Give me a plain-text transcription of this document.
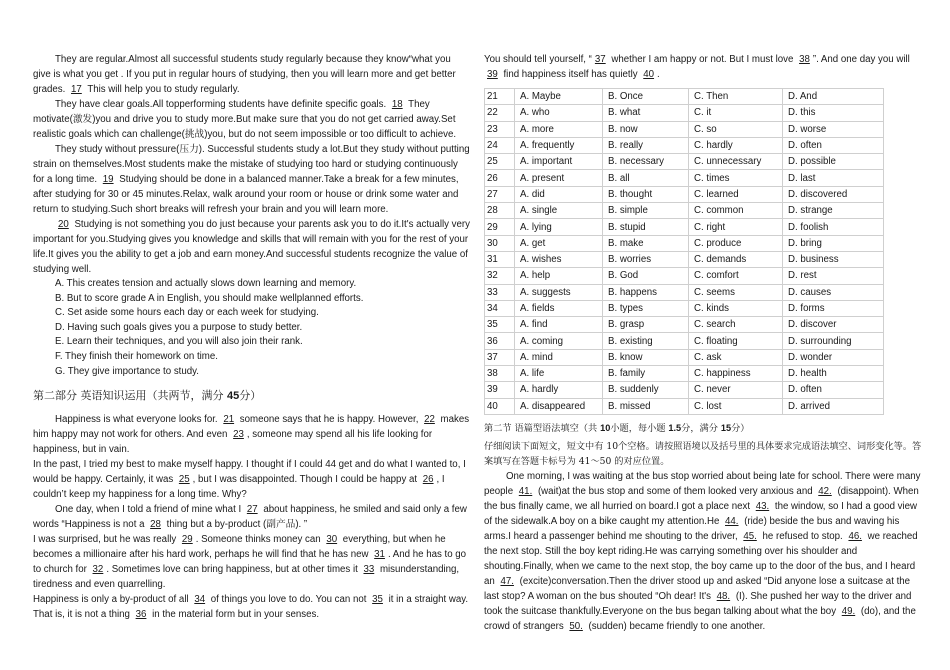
They are regular.Almost all successful students study regularly because they know“what you give is what you get . If you put in regular hours of studying, then you will learn more and get better grades. 17 This will help you to study regularly.

They have clear goals.All topperforming students have definite specific goals. 18 They motivate(激发)you and drive you to study more.But make sure that you do not get carried away.Set realistic goals which can challenge(挑战)you, but do not seem impossible or too difficult to achieve.

They study without pressure(压力). Successful students study a lot.But they study without putting strain on themselves.Most students make the mistake of studying too hard or studying continuously for a long time. 19 Studying should be done in a balanced manner.Take a break for a few minutes, after studying for 30 or 45 minutes.Relax, walk around your room or house or drink some water and return to studying.Such short breaks will refresh your brain and you will learn more.

20 Studying is not something you do just because your parents ask you to do it.It's actually very important for you.Studying gives you knowledge and skills that will remain with you for the rest of your life.It gives you the ability to get a job and earn money.And successful students recognize the value of studying well.

A. This creates tension and actually slows down learning and memory.

B. But to score grade A in English, you should make wellplanned efforts.

C. Set aside some hours each day or each week for studying.

D. Having such goals gives you a purpose to study better.

E. Learn their techniques, and you will also join their rank.

F. They finish their homework on time.

G. They give importance to study.

第二部分 英语知识运用（共两节，满分 45分）

Happiness is what everyone looks for. 21 someone says that he is happy. However, 22 makes him happy may not work for others. And even 23 , someone may spend all his life looking for happiness, but in vain.

In the past, I tried my best to make myself happy. I thought if I could 44 get and do what I wanted to, I would be happy. Certainly, it was 25 , but I was disappointed. Though I could be happy at 26 , I couldn’t keep my happiness for a long time. Why?

One day, when I told a friend of mine what I 27 about happiness, he smiled and said only a few words “Happiness is not a 28 thing but a by-product (副产品). ”

I was surprised, but he was really 29 . Someone thinks money can 30 everything, but when he becomes a millionaire after his hard work, perhaps he will find that he has new 31 . And he has to go to church for 32 . Sometimes love can bring happiness, but at other times it 33 misunderstanding, tiredness and even quarrelling.

Happiness is only a by-product of all 34 of things you love to do. You can not 35 it in a straight way. That is, it is not a thing 36 in the material form but in your senses.

You should tell yourself, “ 37 whether I am happy or not. But I must love 38 ”. And one day you will 39 find happiness itself has quietly 40 .

21	A. Maybe	B. Once	C. Then	D. And
22	A. who	B. what	C. it	D. this
23	A. more	B. now	C. so	D. worse
24	A. frequently	B. really	C. hardly	D. often
25	A. important	B. necessary	C. unnecessary	D. possible
26	A. present	B. all	C. times	D. last
27	A. did	B. thought	C. learned	D. discovered
28	A. single	B. simple	C. common	D. strange
29	A. lying	B. stupid	C. right	D. foolish
30	A. get	B. make	C. produce	D. bring
31	A. wishes	B. worries	C. demands	D. business
32	A. help	B. God	C. comfort	D. rest
33	A. suggests	B. happens	C. seems	D. causes
34	A. fields	B. types	C. kinds	D. forms
35	A. find	B. grasp	C. search	D. discover
36	A. coming	B. existing	C. floating	D. surrounding
37	A. mind	B. know	C. ask	D. wonder
38	A. life	B. family	C. happiness	D. health
39	A. hardly	B. suddenly	C. never	D. often
40	A. disappeared	B. missed	C. lost	D. arrived

第二节 语篇型语法填空（共 10小题，每小题 1.5分，满分 15分）

仔细阅读下面短文，短文中有 10个空格。请按照语境以及括号里的具体要求完成语法填空、词形变化等。答案填写在答题卡标号为 41～50 的对应位置。

One morning, I was waiting at the bus stop worried about being late for school. There were many people 41. (wait)at the bus stop and some of them looked very anxious and 42. (disappoint). When the bus finally came, we all hurried on board.I got a place next 43. the window, so I had a good view of the sidewalk.A boy on a bike caught my attention.He 44. (ride) beside the bus and waving his arms.I heard a passenger behind me shouting to the driver, 45. he refused to stop. 46. we reached the next stop. Still the boy kept riding.He was carrying something over his shoulder and shouting.Finally, when we came to the next stop, the boy came up to the door of the bus, and I heard an 47. (excite)conversation.Then the driver stood up and asked “Did anyone lose a suitcase at the last stop? A woman on the bus shouted “Oh dear! It's 48. (I). She pushed her way to the driver and took the suitcase thankfully.Everyone on the bus began talking about what the boy 49. (do), and the crowd of strangers 50. (sudden) became friendly to one another.
